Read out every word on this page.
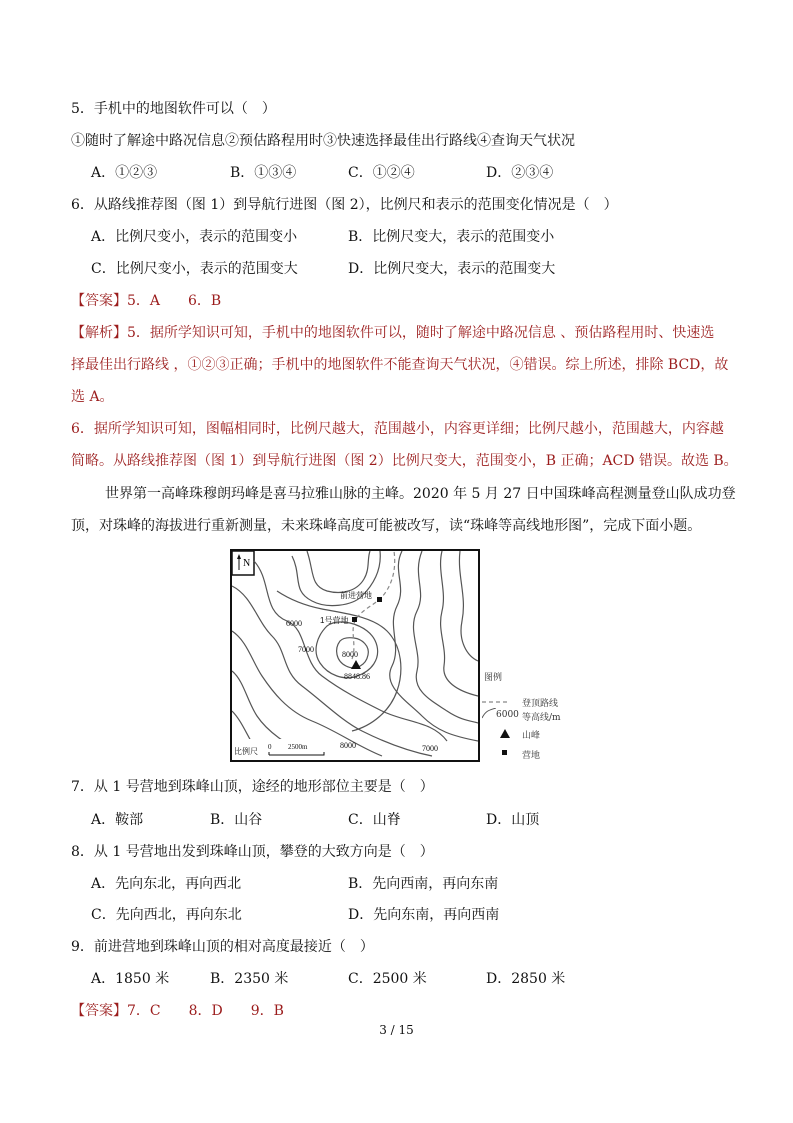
5．手机中的地图软件可以（　）
①随时了解途中路况信息②预估路程用时③快速选择最佳出行路线④查询天气状况
A．①②③	B．①③④	C．①②④	D．②③④
6．从路线推荐图（图 1）到导航行进图（图 2），比例尺和表示的范围变化情况是（　）
A．比例尺变小，表示的范围变小	B．比例尺变大，表示的范围变小
C．比例尺变小，表示的范围变大	D．比例尺变大，表示的范围变大
【答案】5．A　　6．B
【解析】5．据所学知识可知，手机中的地图软件可以，随时了解途中路况信息 、预估路程用时、快速选
择最佳出行路线 ，①②③正确；手机中的地图软件不能查询天气状况，④错误。综上所述，排除 BCD，故
选 A。
6．据所学知识可知，图幅相同时，比例尺越大，范围越小，内容更详细；比例尺越小，范围越大，内容越
简略。从路线推荐图（图 1）到导航行进图（图 2）比例尺变大，范围变小，B 正确；ACD 错误。故选 B。
世界第一高峰珠穆朗玛峰是喜马拉雅山脉的主峰。2020 年 5 月 27 日中国珠峰高程测量登山队成功登
顶，对珠峰的海拔进行重新测量，未来珠峰高度可能被改写，读“珠峰等高线地形图”，完成下面小题。
N
前进营地
1号营地
8000
8848.86
6000
7000
8000	7000
比例尺 0 2500m
图例
登顶路线
6000 等高线/m
山峰
营地
7．从 1 号营地到珠峰山顶，途经的地形部位主要是（　）
A．鞍部	B．山谷	C．山脊	D．山顶
8．从 1 号营地出发到珠峰山顶，攀登的大致方向是（　）
A．先向东北，再向西北	B．先向西南，再向东南
C．先向西北，再向东北	D．先向东南，再向西南
9．前进营地到珠峰山顶的相对高度最接近（　）
A．1850 米	B．2350 米	C．2500 米	D．2850 米
【答案】7．C　　8．D　　9．B
3 / 15
